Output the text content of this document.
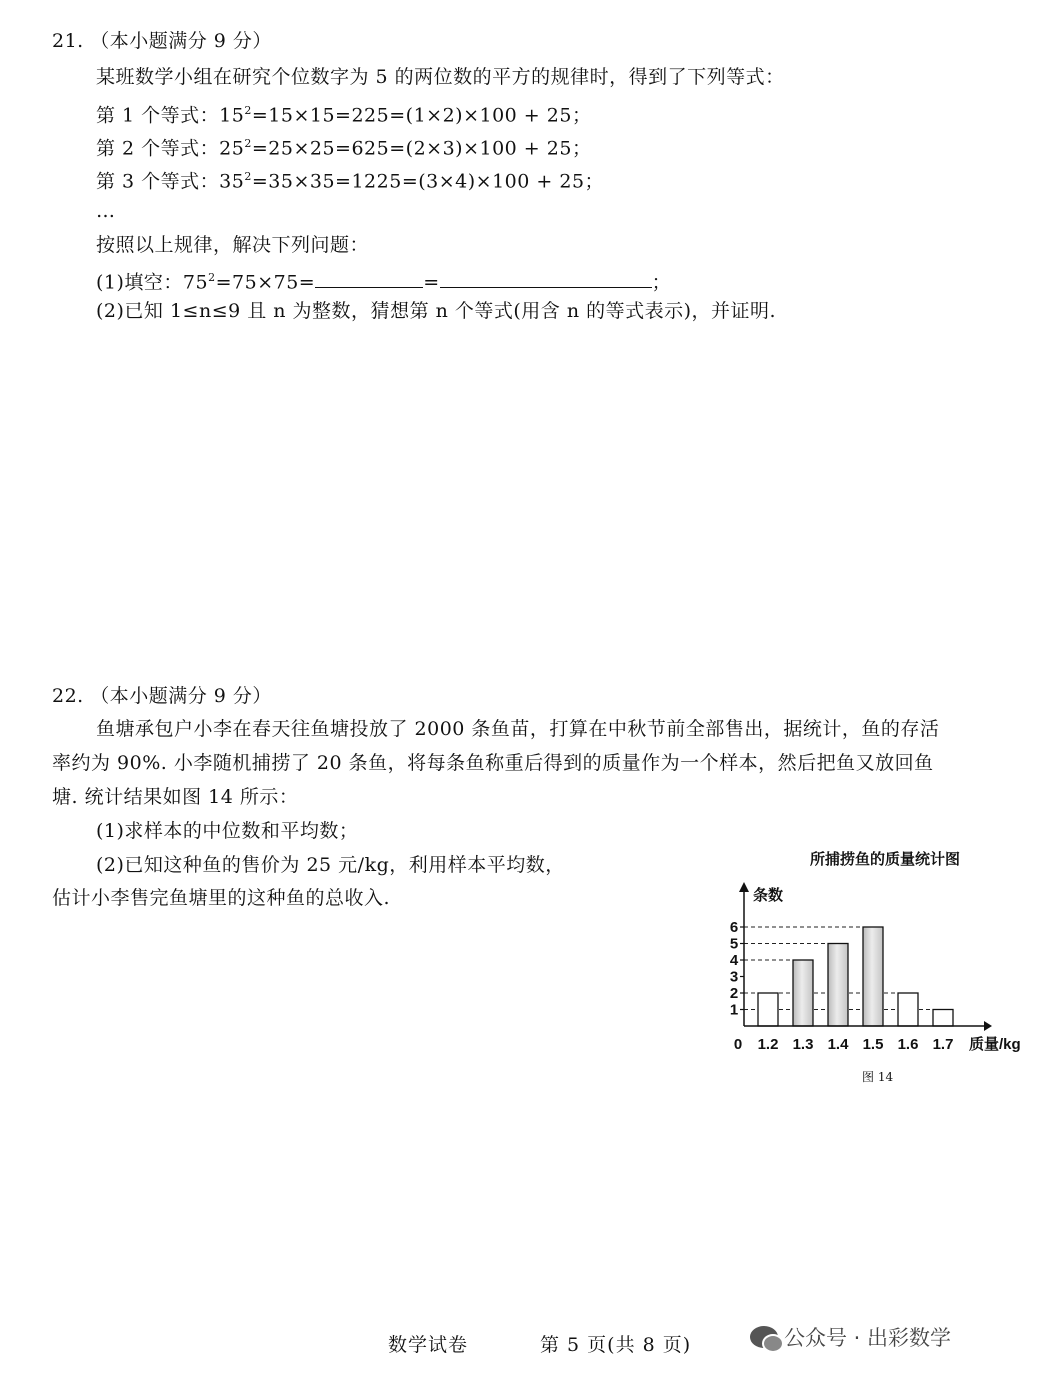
21. （本小题满分 9 分）
某班数学小组在研究个位数字为 5 的两位数的平方的规律时，得到了下列等式：
第 1 个等式：$15^2=15\times 15=225=(1\times 2)\times 100 + 25$；
第 2 个等式：$25^2=25\times 25=625=(2\times 3)\times 100 + 25$；
第 3 个等式：$35^2=35\times 35=1225=(3\times 4)\times 100 + 25$；
…
按照以上规律，解决下列问题：
(1)填空：$75^2=75\times 75=$	=	；
(2)已知 1≤n≤9 且 n 为整数，猜想第 n 个等式(用含 n 的等式表示)，并证明.
22. （本小题满分 9 分）
鱼塘承包户小李在春天往鱼塘投放了 2000 条鱼苗，打算在中秋节前全部售出，据统计，鱼的存活
率约为 90%. 小李随机捕捞了 20 条鱼，将每条鱼称重后得到的质量作为一个样本，然后把鱼又放回鱼
塘. 统计结果如图 14 所示：
(1)求样本的中位数和平均数；
(2)已知这种鱼的售价为 25 元/kg，利用样本平均数，
估计小李售完鱼塘里的这种鱼的总收入.
所捕捞鱼的质量统计图
1
2
3
4
5
6
1.2 1.3 1.4 1.5 1.6 1.7
0
条数
质量/kg
图 14
数学试卷	第 5 页(共 8 页)	公众号 · 出彩数学
